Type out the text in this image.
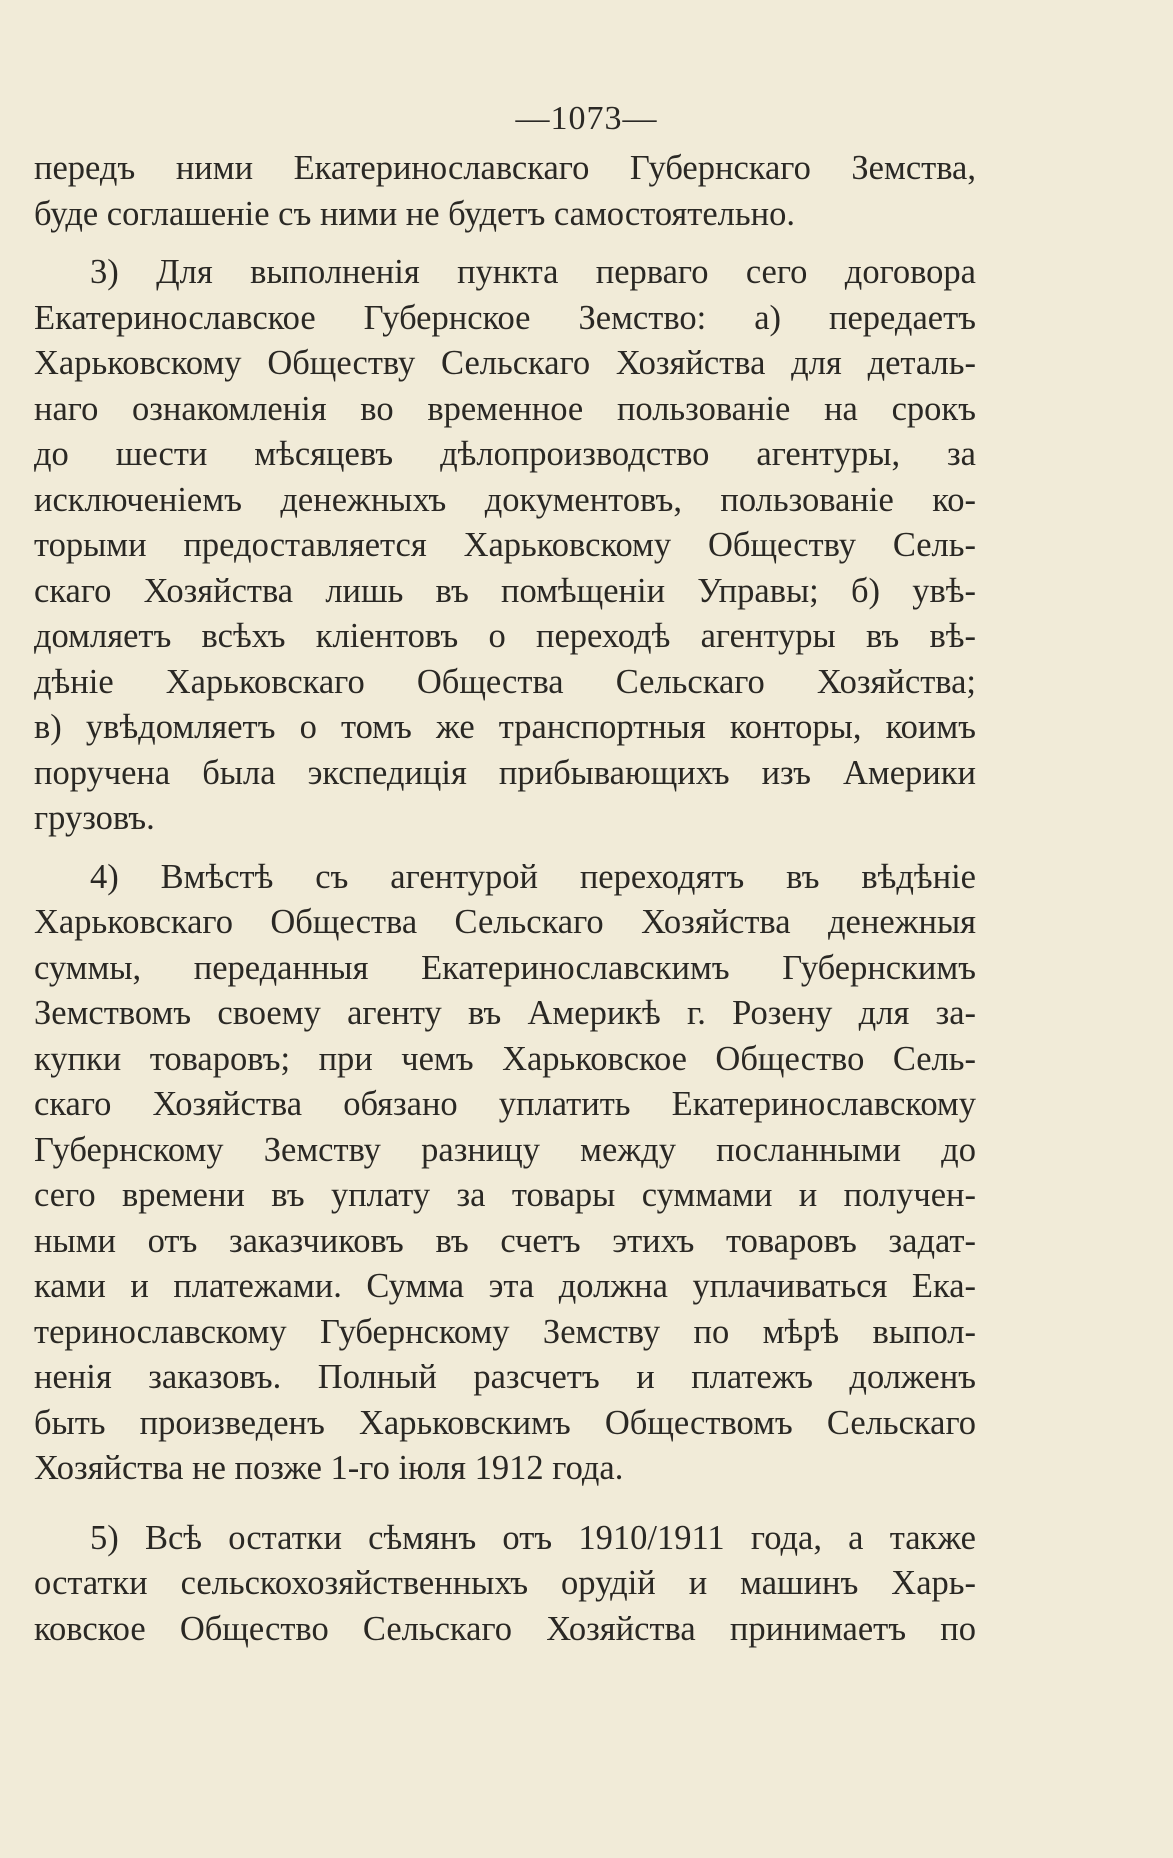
—1073—
передъ ними Екатеринославскаго Губернскаго Земства,
буде соглашеніе съ ними не будетъ самостоятельно.
3) Для выполненія пункта перваго сего договора
Екатеринославское Губернское Земство: а) передаетъ
Харьковскому Обществу Сельскаго Хозяйства для деталь-
наго ознакомленія во временное пользованіе на срокъ
до шести мѣсяцевъ дѣлопроизводство агентуры, за
исключеніемъ денежныхъ документовъ, пользованіе ко-
торыми предоставляется Харьковскому Обществу Сель-
скаго Хозяйства лишь въ помѣщеніи Управы; б) увѣ-
домляетъ всѣхъ кліентовъ о переходѣ агентуры въ вѣ-
дѣніе Харьковскаго Общества Сельскаго Хозяйства;
в) увѣдомляетъ о томъ же транспортныя конторы, коимъ
поручена была экспедиція прибывающихъ изъ Америки
грузовъ.
4) Вмѣстѣ съ агентурой переходятъ въ вѣдѣніе
Харьковскаго Общества Сельскаго Хозяйства денежныя
суммы, переданныя Екатеринославскимъ Губернскимъ
Земствомъ своему агенту въ Америкѣ г. Розену для за-
купки товаровъ; при чемъ Харьковское Общество Сель-
скаго Хозяйства обязано уплатить Екатеринославскому
Губернскому Земству разницу между посланными до
сего времени въ уплату за товары суммами и получен-
ными отъ заказчиковъ въ счетъ этихъ товаровъ задат-
ками и платежами. Сумма эта должна уплачиваться Ека-
теринославскому Губернскому Земству по мѣрѣ выпол-
ненія заказовъ. Полный разсчетъ и платежъ долженъ
быть произведенъ Харьковскимъ Обществомъ Сельскаго
Хозяйства не позже 1-го іюля 1912 года.
5) Всѣ остатки сѣмянъ отъ 1910/1911 года, а также
остатки сельскохозяйственныхъ орудій и машинъ Харь-
ковское Общество Сельскаго Хозяйства принимаетъ по
